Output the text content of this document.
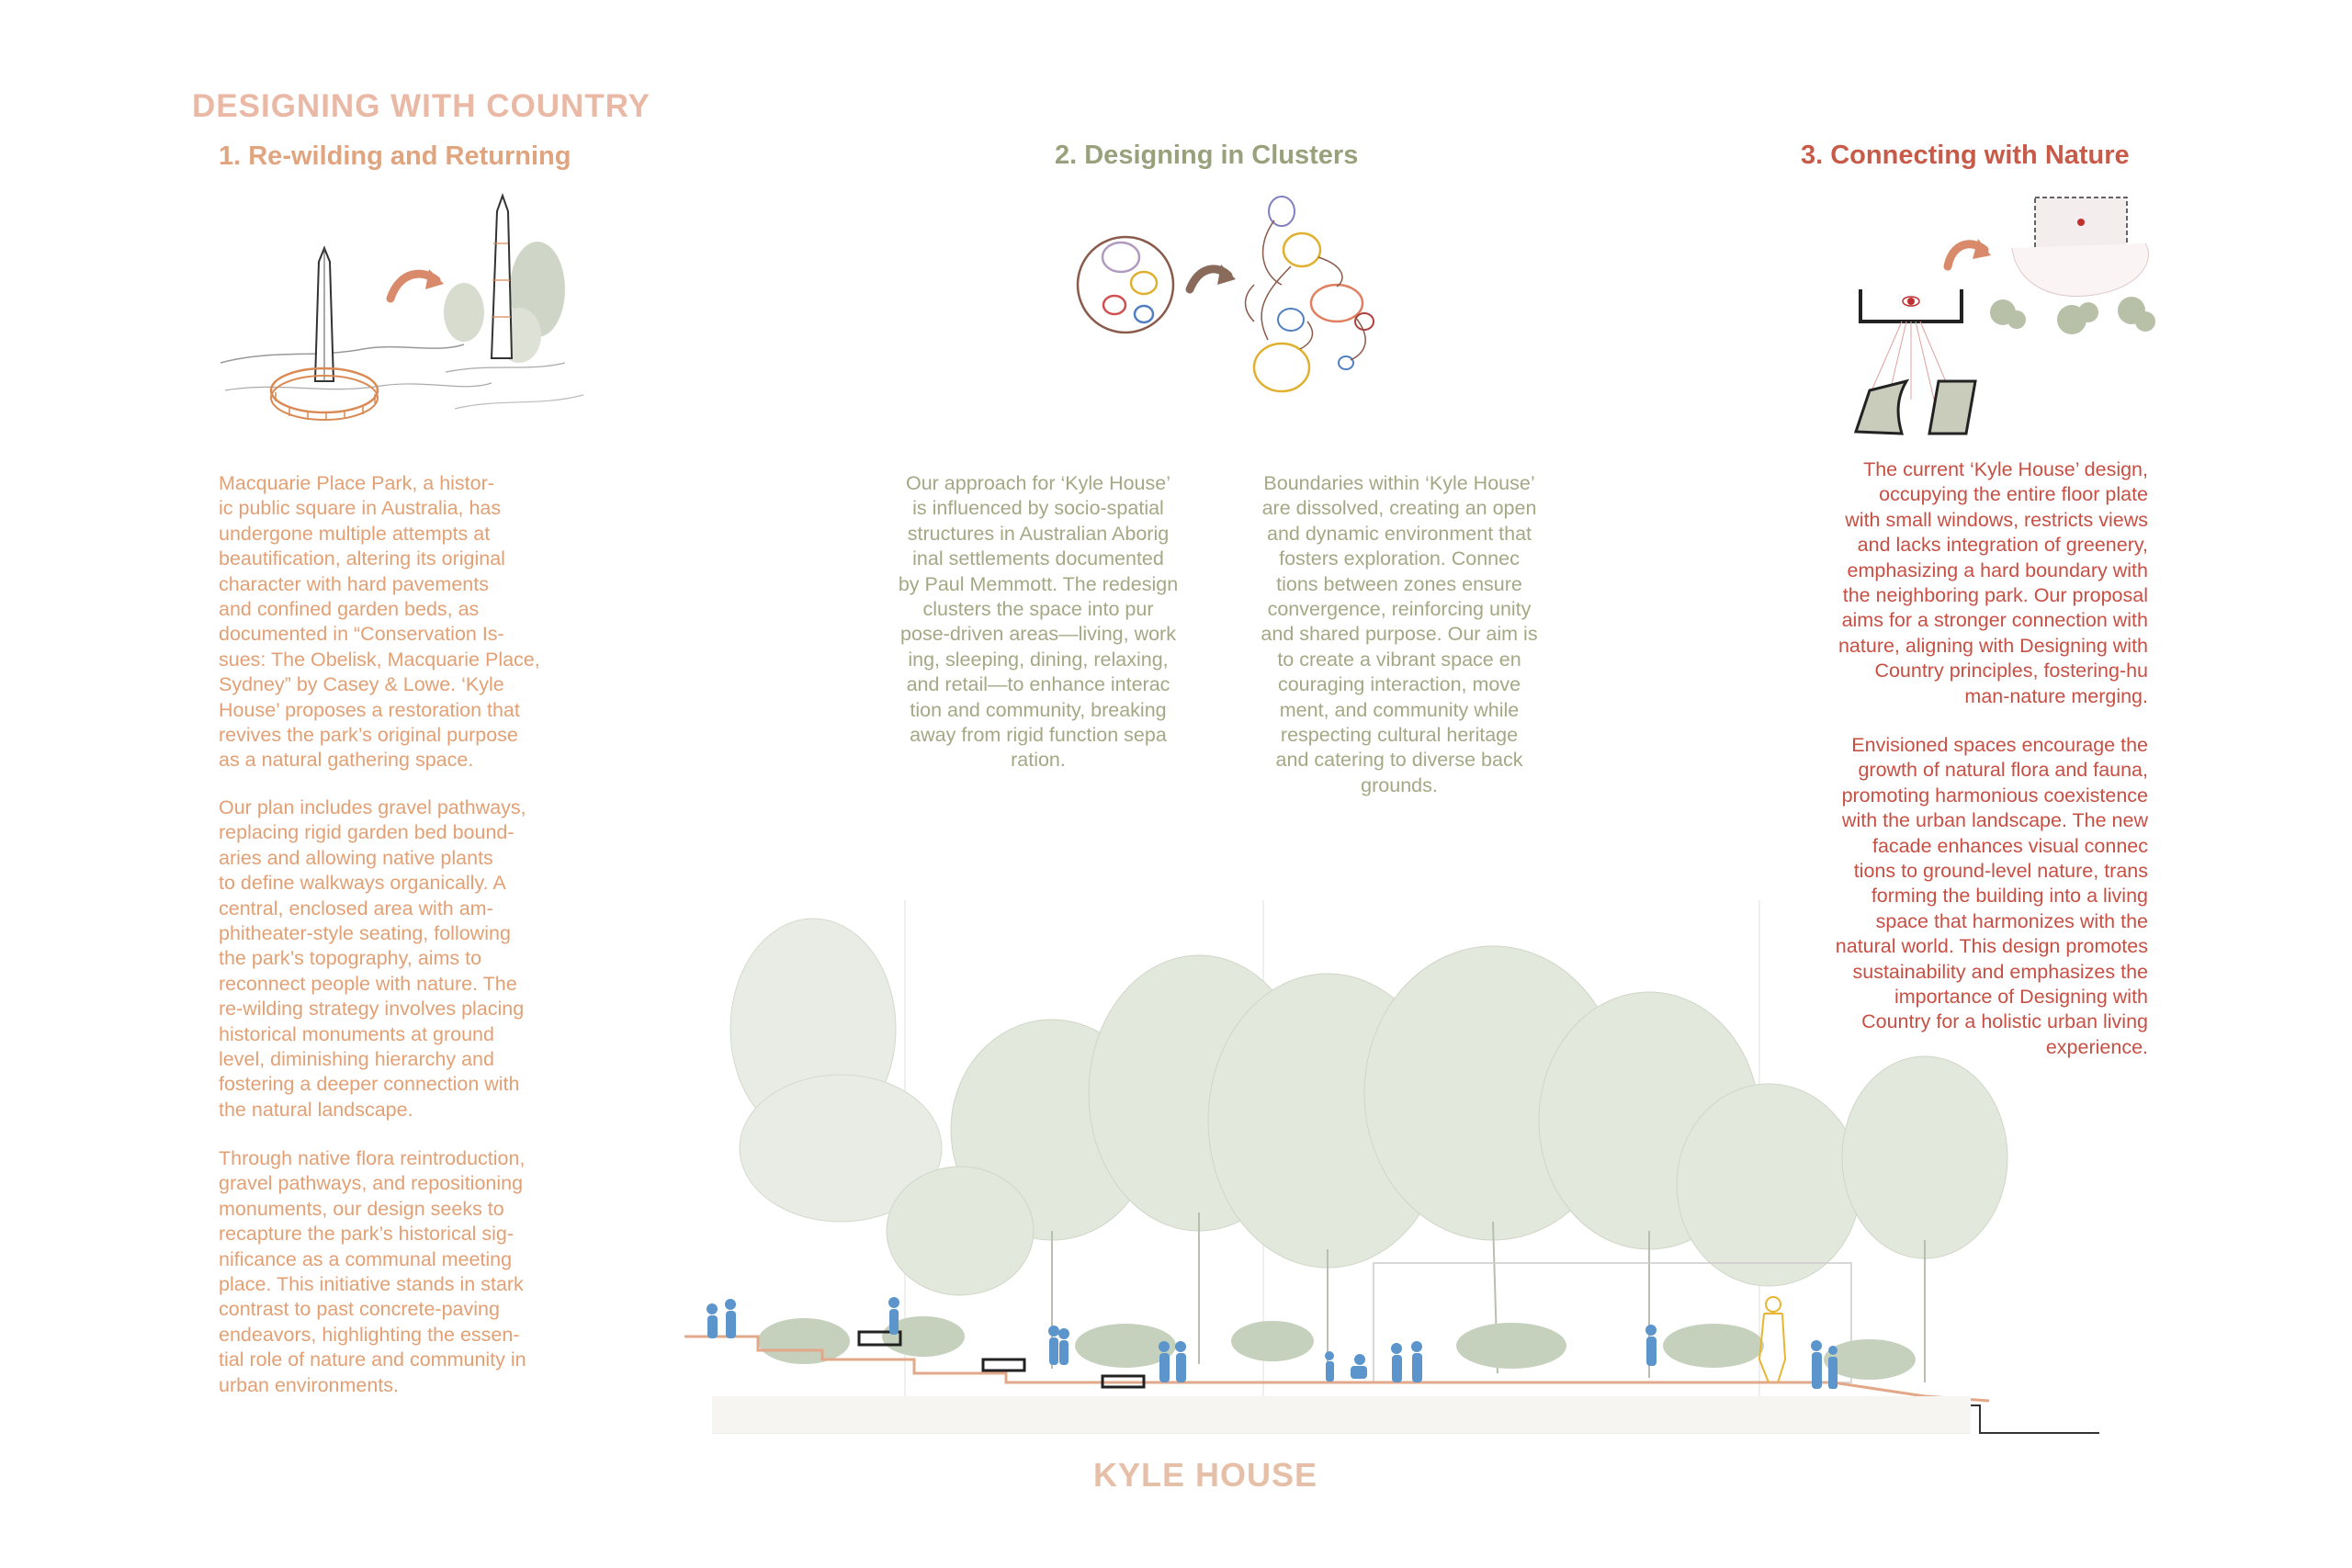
DESIGNING WITH COUNTRY
1. Re-wilding and Returning	2. Designing in Clusters	3. Connecting with Nature

Macquarie Place Park, a histor-
ic public square in Australia, has
undergone multiple attempts at
beautification, altering its original
character with hard pavements
and confined garden beds, as
documented in “Conservation Is-
sues: The Obelisk, Macquarie Place,
Sydney” by Casey & Lowe. ‘Kyle
House’ proposes a restoration that
revives the park’s original purpose
as a natural gathering space.

Our plan includes gravel pathways,
replacing rigid garden bed bound-
aries and allowing native plants
to define walkways organically. A
central, enclosed area with am-
phitheater-style seating, following
the park’s topography, aims to
reconnect people with nature. The
re-wilding strategy involves placing
historical monuments at ground
level, diminishing hierarchy and
fostering a deeper connection with
the natural landscape.

Through native flora reintroduction,
gravel pathways, and repositioning
monuments, our design seeks to
recapture the park’s historical sig-
nificance as a communal meeting
place. This initiative stands in stark
contrast to past concrete-paving
endeavors, highlighting the essen-
tial role of nature and community in
urban environments.

Our approach for ‘Kyle House’
is influenced by socio-spatial
structures in Australian Aborig
inal settlements documented
by Paul Memmott. The redesign
clusters the space into pur
pose-driven areas—living, work
ing, sleeping, dining, relaxing,
and retail—to enhance interac
tion and community, breaking
away from rigid function sepa
ration.

Boundaries within ‘Kyle House’
are dissolved, creating an open
and dynamic environment that
fosters exploration. Connec
tions between zones ensure
convergence, reinforcing unity
and shared purpose. Our aim is
to create a vibrant space en
couraging interaction, move
ment, and community while
respecting cultural heritage
and catering to diverse back
grounds.

The current ‘Kyle House’ design,
occupying the entire floor plate
with small windows, restricts views
and lacks integration of greenery,
emphasizing a hard boundary with
the neighboring park. Our proposal
aims for a stronger connection with
nature, aligning with Designing with
Country principles, fostering-hu
man-nature merging.

Envisioned spaces encourage the
growth of natural flora and fauna,
promoting harmonious coexistence
with the urban landscape. The new
facade enhances visual connec
tions to ground-level nature, trans
forming the building into a living
space that harmonizes with the
natural world. This design promotes
sustainability and emphasizes the
importance of Designing with
Country for a holistic urban living
experience.

KYLE HOUSE
